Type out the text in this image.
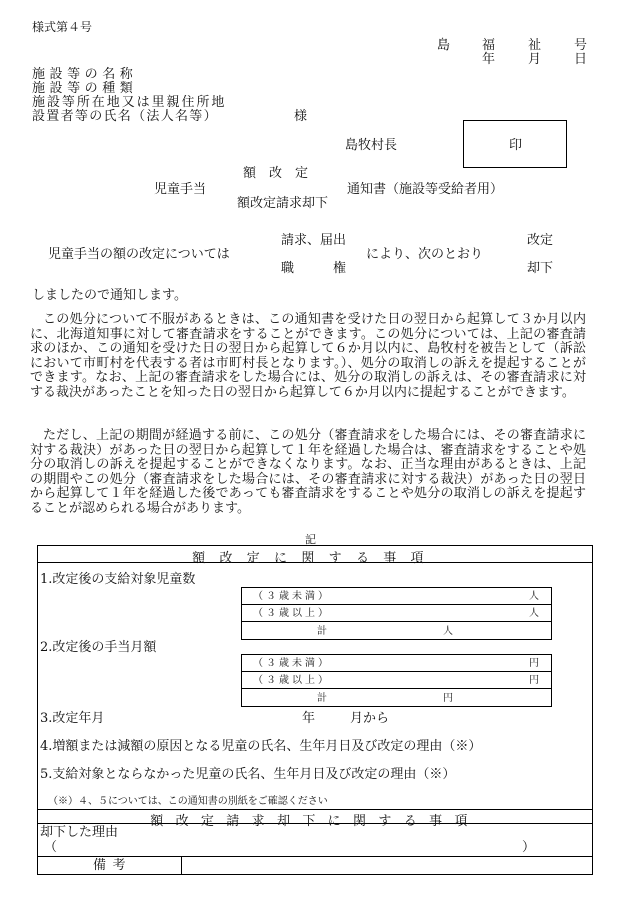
様式第４号
島 福	祉	号
年	月	日
施設等の名称
施設等の種類
施設等所在地又は里親住所地
設置者等の氏名（法人名等）	様
島牧村長	印
額　改　定
児童手当	通知書（施設等受給者用）
額改定請求却下
請求、届出
児童手当の額の改定については	により、次のとおり
職　　　権
改定
却下
しましたので通知します。
この処分について不服があるときは、この通知書を受けた日の翌日から起算して３か月以内に、北海道知事に対して審査請求をすることができます。この処分については、上記の審査請求のほか、この通知を受けた日の翌日から起算して６か月以内に、島牧村を被告として（訴訟において市町村を代表する者は市町村長となります。）、処分の取消しの訴えを提起することができます。なお、上記の審査請求をした場合には、処分の取消しの訴えは、その審査請求に対する裁決があったことを知った日の翌日から起算して６か月以内に提起することができます。
ただし、上記の期間が経過する前に、この処分（審査請求をした場合には、その審査請求に対する裁決）があった日の翌日から起算して１年を経過した場合は、審査請求をすることや処分の取消しの訴えを提起することができなくなります。なお、正当な理由があるときは、上記の期間やこの処分（審査請求をした場合には、その審査請求に対する裁決）があった日の翌日から起算して１年を経過した後であっても審査請求をすることや処分の取消しの訴えを提起することが認められる場合があります。
記
額改定に関する事項
1.改定後の支給対象児童数
（３歳未満）	人
（３歳以上）	人
計	人
2.改定後の手当月額
（３歳未満）	円
（３歳以上）	円
計	円
3.改定年月	年	月から
4.増額または減額の原因となる児童の氏名、生年月日及び改定の理由（※）
5.支給対象とならなかった児童の氏名、生年月日及び改定の理由（※）
（※）４、５については、この通知書の別紙をご確認ください
額改定請求却下に関する事項
却下した理由
（	）
備考
